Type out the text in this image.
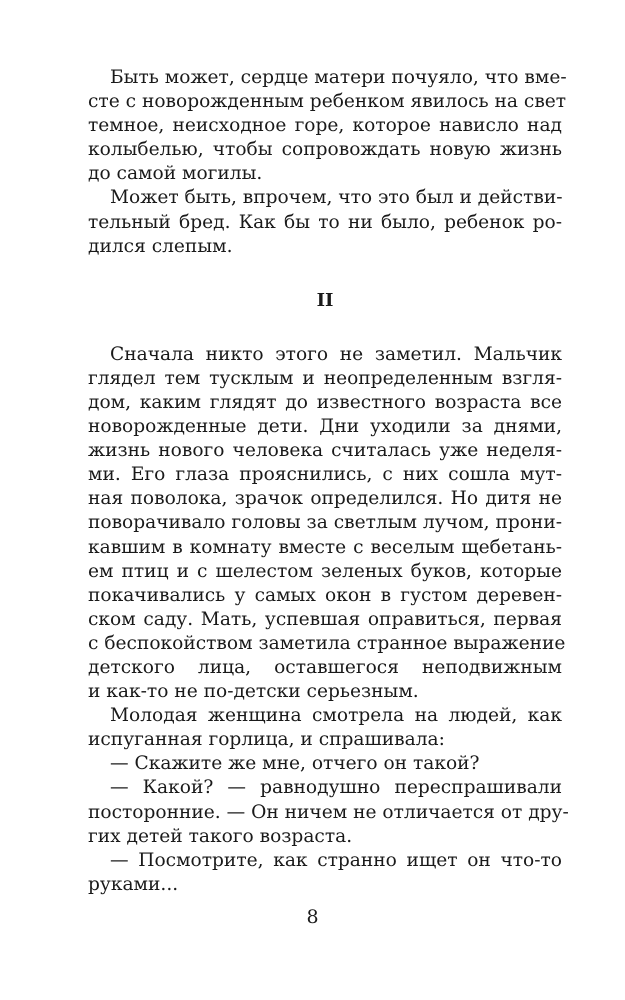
Быть может, сердце матери почуяло, что вме-
сте с новорожденным ребенком явилось на свет
темное, неисходное горе, которое нависло над
колыбелью, чтобы сопровождать новую жизнь
до самой могилы.
Может быть, впрочем, что это был и действи-
тельный бред. Как бы то ни было, ребенок ро-
дился слепым.
II
Сначала никто этого не заметил. Мальчик
глядел тем тусклым и неопределенным взгля-
дом, каким глядят до известного возраста все
новорожденные дети. Дни уходили за днями,
жизнь нового человека считалась уже неделя-
ми. Его глаза прояснились, с них сошла мут-
ная поволока, зрачок определился. Но дитя не
поворачивало головы за светлым лучом, прони-
кавшим в комнату вместе с веселым щебетань-
ем птиц и с шелестом зеленых буков, которые
покачивались у самых окон в густом деревен-
ском саду. Мать, успевшая оправиться, первая
с беспокойством заметила странное выражение
детского лица, оставшегося неподвижным
и как-то не по-детски серьезным.
Молодая женщина смотрела на людей, как
испуганная горлица, и спрашивала:
— Скажите же мне, отчего он такой?
— Какой? — равнодушно переспрашивали
посторонние. — Он ничем не отличается от дру-
гих детей такого возраста.
— Посмотрите, как странно ищет он что-то
руками...
8
